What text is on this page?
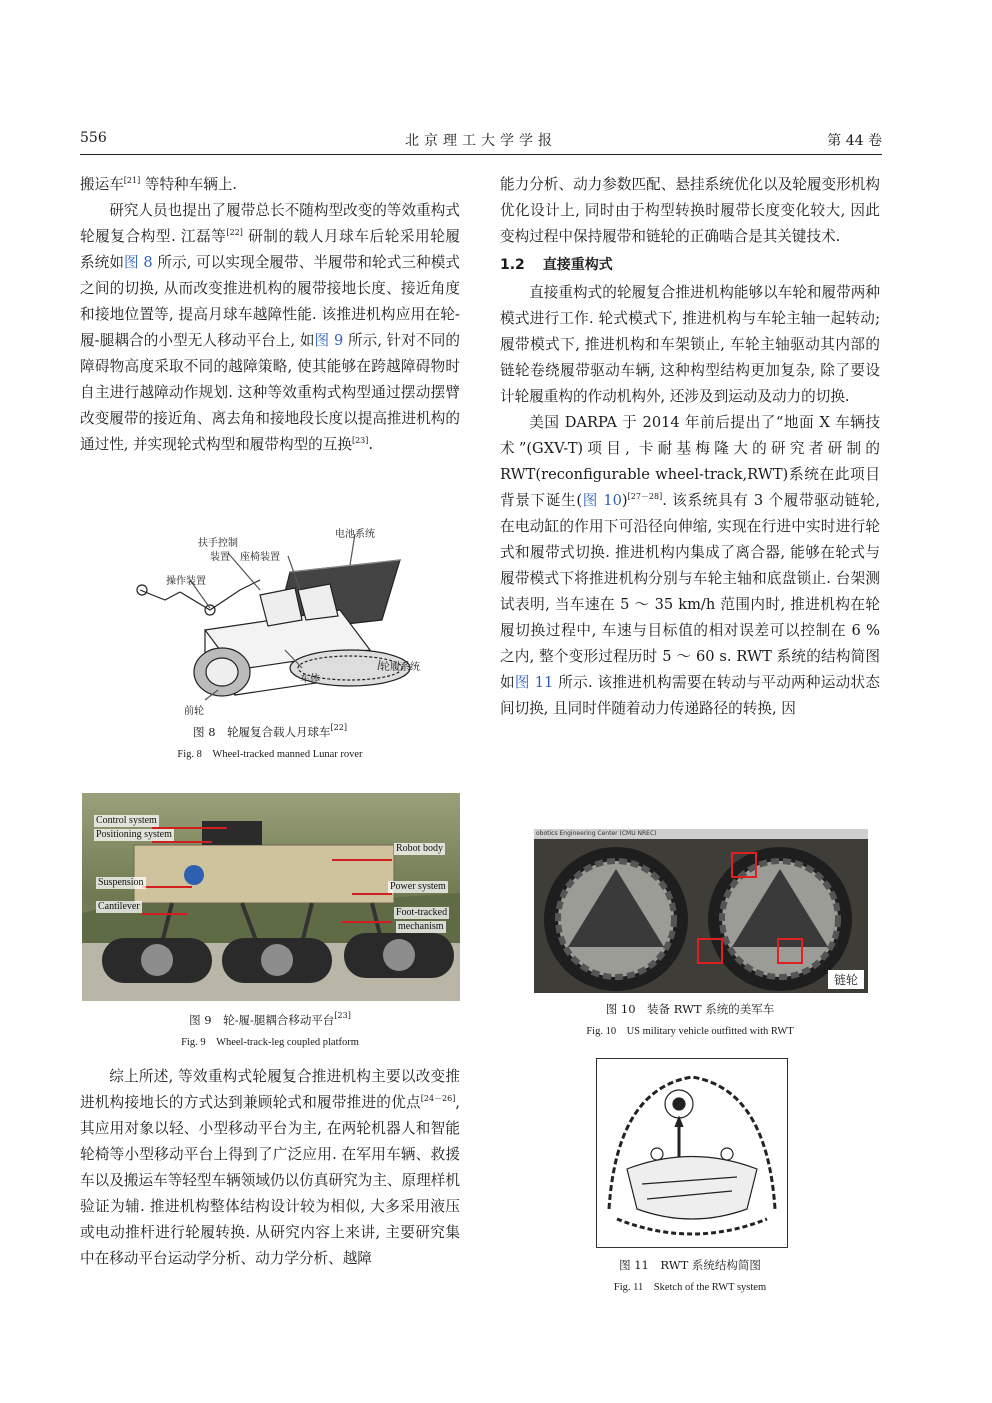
556	北京理工大学学报	第 44 卷

搬运车[21] 等特种车辆上.

研究人员也提出了履带总长不随构型改变的等效重构式轮履复合构型. 江磊等[22] 研制的载人月球车后轮采用轮履系统如图 8 所示, 可以实现全履带、半履带和轮式三种模式之间的切换, 从而改变推进机构的履带接地长度、接近角度和接地位置等, 提高月球车越障性能. 该推进机构应用在轮-履-腿耦合的小型无人移动平台上, 如图 9 所示, 针对不同的障碍物高度采取不同的越障策略, 使其能够在跨越障碍物时自主进行越障动作规划. 这种等效重构式构型通过摆动摆臂改变履带的接近角、离去角和接地段长度以提高推进机构的通过性, 并实现轮式构型和履带构型的互换[23].

扶手控制
装置 座椅装置
电池系统
操作装置
轮履系统
车体
前轮
图 8　轮履复合载人月球车[22]
Fig. 8　Wheel-tracked manned Lunar rover
Control system
Positioning system
Robot body
Suspension	Power system
Cantilever
Foot-tracked
mechanism
图 9　轮-履-腿耦合移动平台[23]
Fig. 9　Wheel-track-leg coupled platform

综上所述, 等效重构式轮履复合推进机构主要以改变推进机构接地长的方式达到兼顾轮式和履带推进的优点[24－26], 其应用对象以轻、小型移动平台为主, 在两轮机器人和智能轮椅等小型移动平台上得到了广泛应用. 在军用车辆、救援车以及搬运车等轻型车辆领域仍以仿真研究为主、原理样机验证为辅. 推进机构整体结构设计较为相似, 大多采用液压或电动推杆进行轮履转换. 从研究内容上来讲, 主要研究集中在移动平台运动学分析、动力学分析、越障

能力分析、动力参数匹配、悬挂系统优化以及轮履变形机构优化设计上, 同时由于构型转换时履带长度变化较大, 因此变构过程中保持履带和链轮的正确啮合是其关键技术.

1.2 直接重构式

直接重构式的轮履复合推进机构能够以车轮和履带两种模式进行工作. 轮式模式下, 推进机构与车轮主轴一起转动; 履带模式下, 推进机构和车架锁止, 车轮主轴驱动其内部的链轮卷绕履带驱动车辆, 这种构型结构更加复杂, 除了要设计轮履重构的作动机构外, 还涉及到运动及动力的切换.

美国 DARPA 于 2014 年前后提出了“地面 X 车辆技术”(GXV-T)项目, 卡耐基梅隆大的研究者研制的 RWT(reconfigurable wheel-track,RWT)系统在此项目背景下诞生(图 10)[27－28]. 该系统具有 3 个履带驱动链轮, 在电动缸的作用下可沿径向伸缩, 实现在行进中实时进行轮式和履带式切换. 推进机构内集成了离合器, 能够在轮式与履带模式下将推进机构分别与车轮主轴和底盘锁止. 台架测试表明, 当车速在 5 ～ 35 km/h 范围内时, 推进机构在轮履切换过程中, 车速与目标值的相对误差可以控制在 6 % 之内, 整个变形过程历时 5 ～ 60 s. RWT 系统的结构简图如图 11 所示. 该推进机构需要在转动与平动两种运动状态间切换, 且同时伴随着动力传递路径的转换, 因

obotics Engineering Center (CMU NREC)
链轮
图 10　装备 RWT 系统的美军车
Fig. 10　US military vehicle outfitted with RWT
图 11　RWT 系统结构简图
Fig. 11　Sketch of the RWT system
